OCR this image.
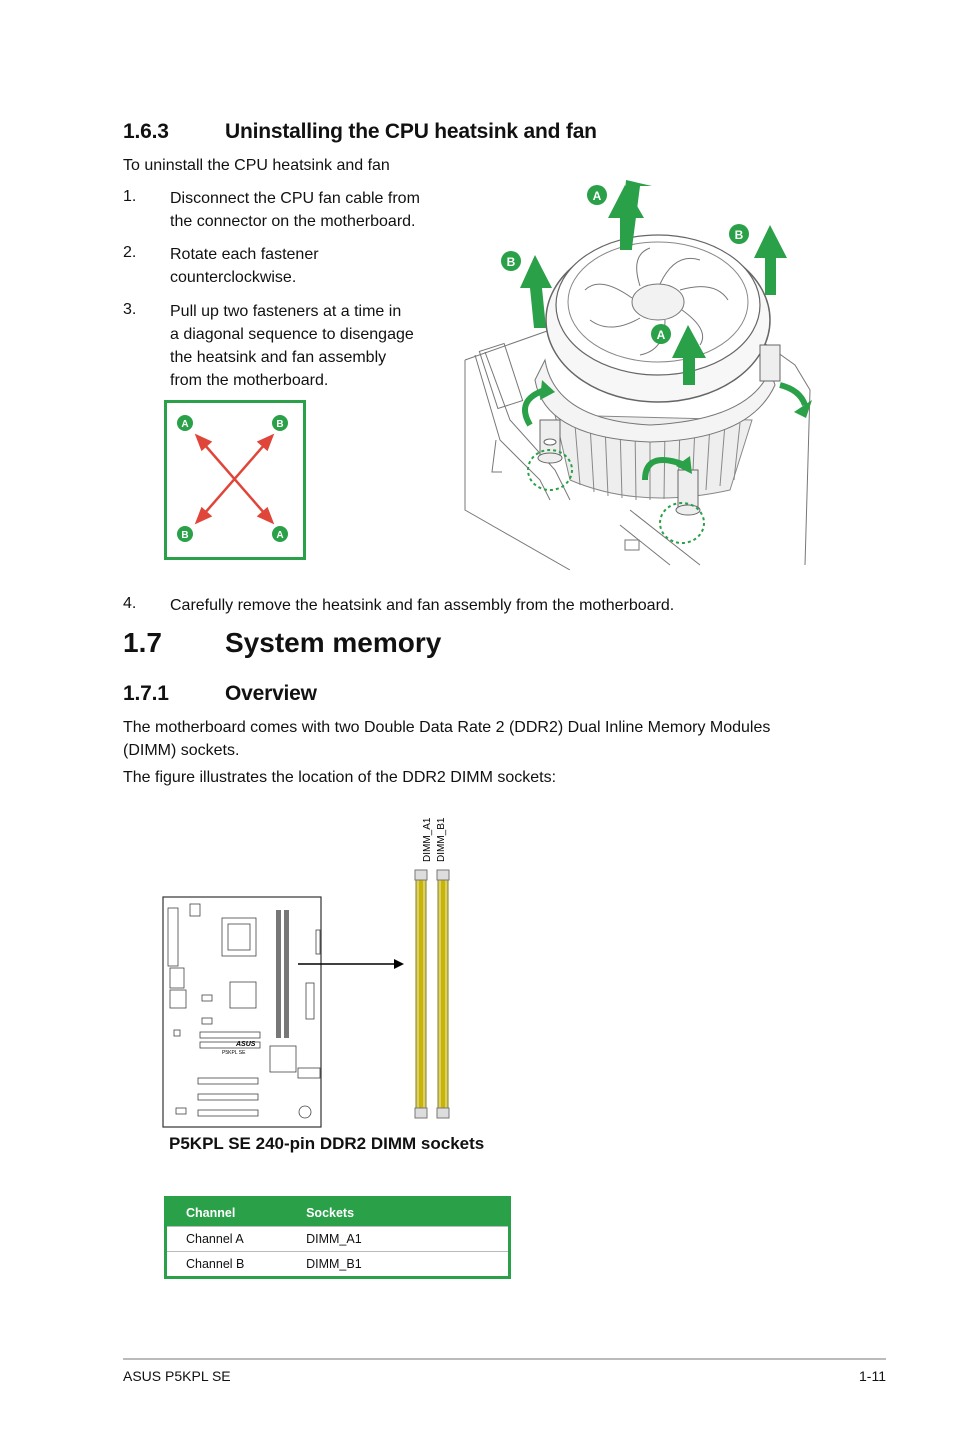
1.6.3	Uninstalling the CPU heatsink and fan
To uninstall the CPU heatsink and fan
1. Disconnect the CPU fan cable from
the connector on the motherboard.
2. Rotate each fastener
counterclockwise.
3. Pull up two fasteners at a time in
a diagonal sequence to disengage
the heatsink and fan assembly
from the motherboard.
A	B
B	A
A
B
B
A
4. Carefully remove the heatsink and fan assembly from the motherboard.
1.7 System memory
1.7.1	Overview
The motherboard comes with two Double Data Rate 2 (DDR2) Dual Inline Memory Modules
(DIMM) sockets.
The figure illustrates the location of the DDR2 DIMM sockets:
ASUS
P5KPL SE
DIMM_A1 DIMM_B1
P5KPL SE 240-pin DDR2 DIMM sockets
Channel	Sockets
Channel A	DIMM_A1
Channel B	DIMM_B1
ASUS P5KPL SE	1-11
